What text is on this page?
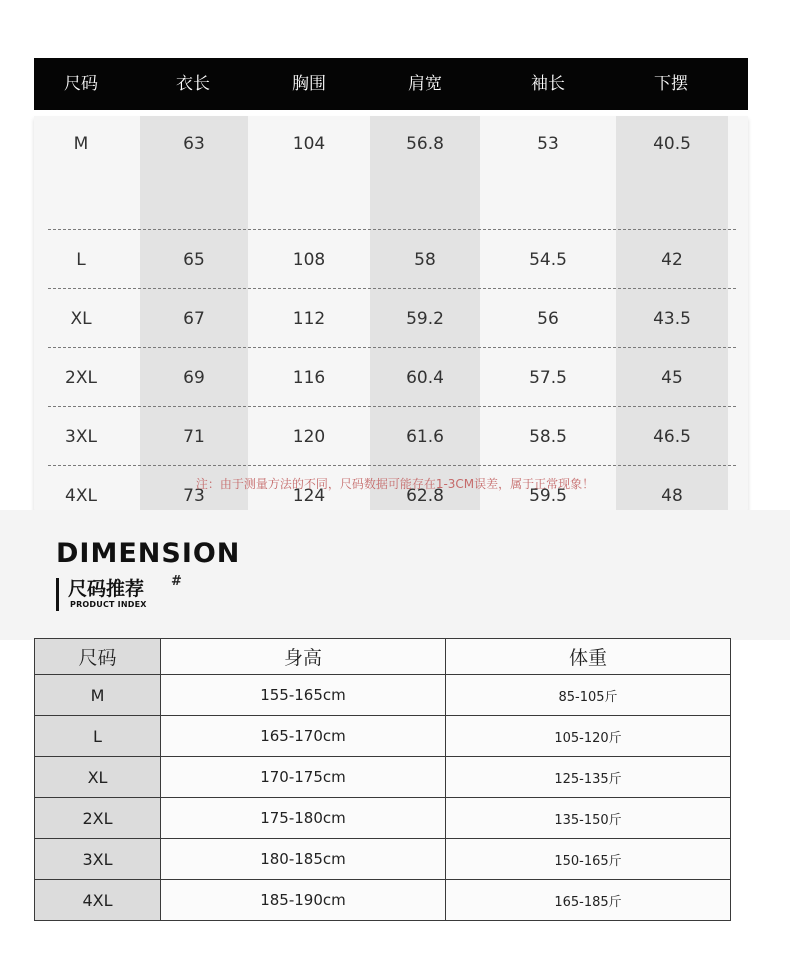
尺码	衣长	胸围	肩宽	袖长	下摆
M	63	104	56.8	53	40.5
L	65	108	58	54.5	42
XL	67	112	59.2	56	43.5
2XL	69	116	60.4	57.5	45
3XL	71	120	61.6	58.5	46.5
4XL	73	124	62.8	59.5	48
注：由于测量方法的不同，尺码数据可能存在1-3CM误差，属于正常现象！
DIMENSION
尺码推荐 #
PRODUCT INDEX
尺码	身高	体重
M	155-165cm	85-105斤
L	165-170cm	105-120斤
XL	170-175cm	125-135斤
2XL	175-180cm	135-150斤
3XL	180-185cm	150-165斤
4XL	185-190cm	165-185斤
